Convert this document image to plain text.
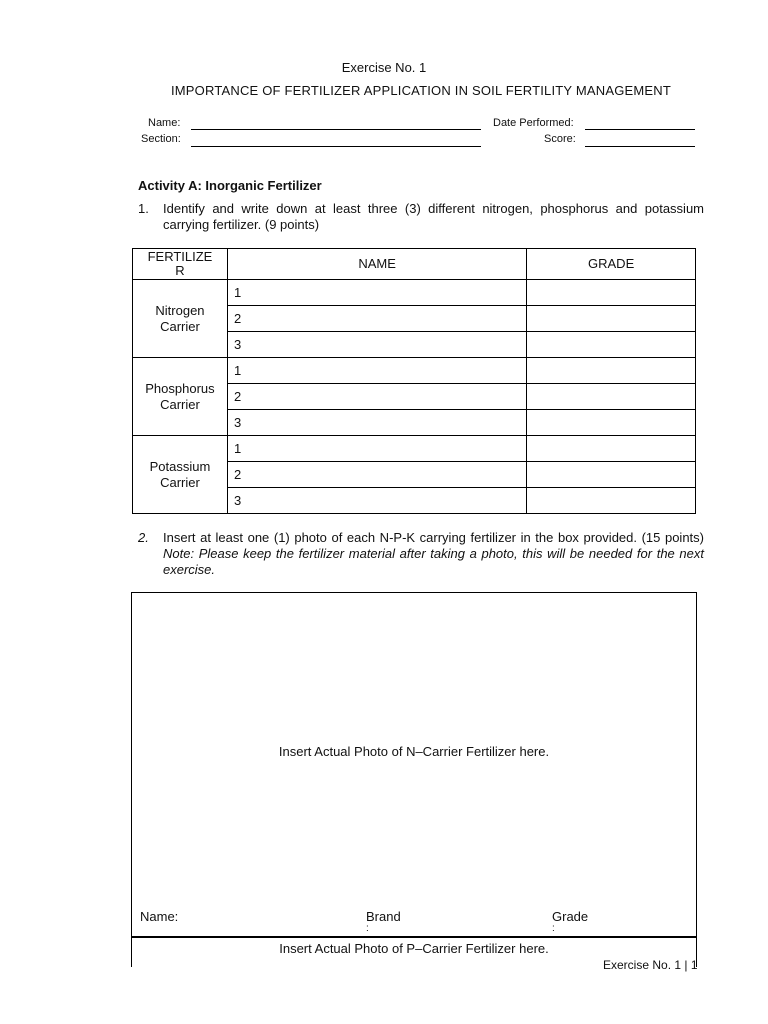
Exercise No. 1
IMPORTANCE OF FERTILIZER APPLICATION IN SOIL FERTILITY MANAGEMENT
Name:
Section:
Date Performed:
Score:
Activity A: Inorganic Fertilizer
1. Identify and write down at least three (3) different nitrogen, phosphorus and potassium carrying fertilizer. (9 points)
FERTILIZE
R	NAME	GRADE
Nitrogen
Carrier	1	
	2	
	3	
Phosphorus
Carrier	1	
	2	
	3	
Potassium
Carrier	1	
	2	
	3	
2. Insert at least one (1) photo of each N-P-K carrying fertilizer in the box provided. (15 points) Note: Please keep the fertilizer material after taking a photo, this will be needed for the next exercise.
Insert Actual Photo of N–Carrier Fertilizer here.
Name:	Brand
:
Grade
:
Insert Actual Photo of P–Carrier Fertilizer here.
Exercise No. 1 | 1
